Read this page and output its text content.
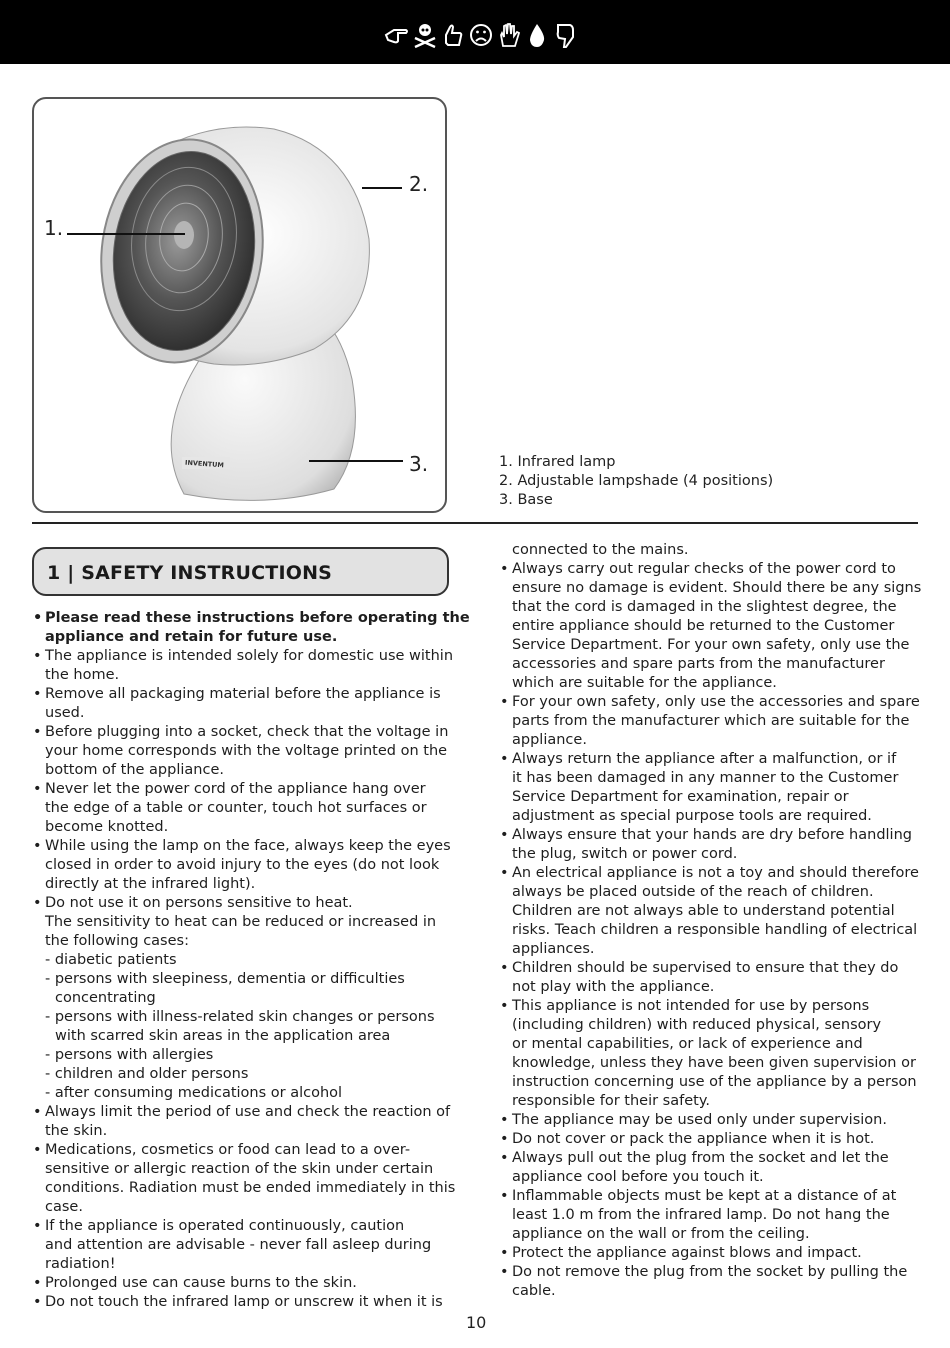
1.
2.
3.
INVENTUM	1. Infrared lamp
2. Adjustable lampshade (4 positions)
3. Base
1 | SAFETY INSTRUCTIONS
• Please read these instructions before operating the
appliance and retain for future use.
• The appliance is intended solely for domestic use within
the home.
• Remove all packaging material before the appliance is
used.
• Before plugging into a socket, check that the voltage in
your home corresponds with the voltage printed on the
bottom of the appliance.
• Never let the power cord of the appliance hang over
the edge of a table or counter, touch hot surfaces or
become knotted.
• While using the lamp on the face, always keep the eyes
closed in order to avoid injury to the eyes (do not look
directly at the infrared light).
• Do not use it on persons sensitive to heat.
The sensitivity to heat can be reduced or increased in
the following cases:
- diabetic patients
- persons with sleepiness, dementia or difficulties
concentrating
- persons with illness-related skin changes or persons
with scarred skin areas in the application area
- persons with allergies
- children and older persons
- after consuming medications or alcohol
• Always limit the period of use and check the reaction of
the skin.
• Medications, cosmetics or food can lead to a over-
sensitive or allergic reaction of the skin under certain
conditions. Radiation must be ended immediately in this
case.
• If the appliance is operated continuously, caution
and attention are advisable - never fall asleep during
radiation!
• Prolonged use can cause burns to the skin.
• Do not touch the infrared lamp or unscrew it when it is
connected to the mains.
• Always carry out regular checks of the power cord to
ensure no damage is evident. Should there be any signs
that the cord is damaged in the slightest degree, the
entire appliance should be returned to the Customer
Service Department. For your own safety, only use the
accessories and spare parts from the manufacturer
which are suitable for the appliance.
• For your own safety, only use the accessories and spare
parts from the manufacturer which are suitable for the
appliance.
• Always return the appliance after a malfunction, or if
it has been damaged in any manner to the Customer
Service Department for examination, repair or
adjustment as special purpose tools are required.
• Always ensure that your hands are dry before handling
the plug, switch or power cord.
• An electrical appliance is not a toy and should therefore
always be placed outside of the reach of children.
Children are not always able to understand potential
risks. Teach children a responsible handling of electrical
appliances.
• Children should be supervised to ensure that they do
not play with the appliance.
• This appliance is not intended for use by persons
(including children) with reduced physical, sensory
or mental capabilities, or lack of experience and
knowledge, unless they have been given supervision or
instruction concerning use of the appliance by a person
responsible for their safety.
• The appliance may be used only under supervision.
• Do not cover or pack the appliance when it is hot.
• Always pull out the plug from the socket and let the
appliance cool before you touch it.
• Inflammable objects must be kept at a distance of at
least 1.0 m from the infrared lamp. Do not hang the
appliance on the wall or from the ceiling.
• Protect the appliance against blows and impact.
• Do not remove the plug from the socket by pulling the
cable.
10
